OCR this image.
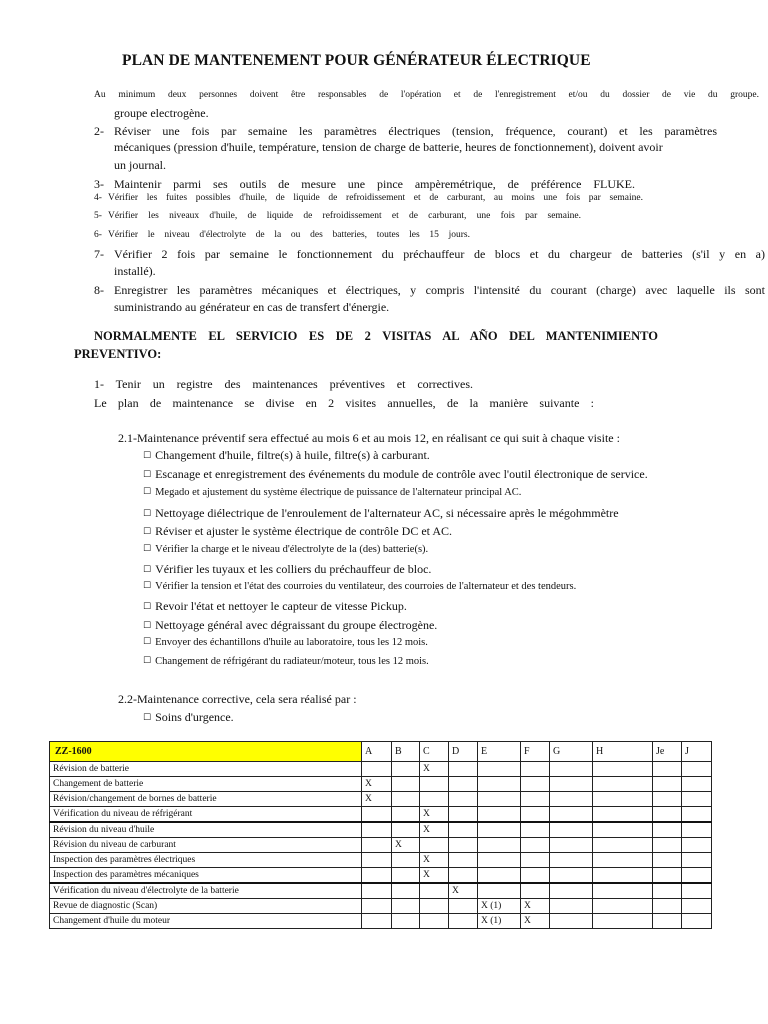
PLAN DE MANTENEMENT POUR GÉNÉRATEUR ÉLECTRIQUE
Au minimum deux personnes doivent être responsables de l'opération et de l'enregistrement et/ou du dossier de vie du groupe.
groupe electrogène.
2- Réviser une fois par semaine les paramètres électriques (tension, fréquence, courant) et les paramètres
mécaniques (pression d'huile, température, tension de charge de batterie, heures de fonctionnement), doivent avoir
un journal.
3- Maintenir parmi ses outils de mesure une pince ampèremétrique, de préférence FLUKE.
4- Vérifier les fuites possibles d'huile, de liquide de refroidissement et de carburant, au moins une fois par semaine.
5- Vérifier les niveaux d'huile, de liquide de refroidissement et de carburant, une fois par semaine.
6- Vérifier le niveau d'électrolyte de la ou des batteries, toutes les 15 jours.
7- Vérifier 2 fois par semaine le fonctionnement du préchauffeur de blocs et du chargeur de batteries (s'il y en a)
installé).
8- Enregistrer les paramètres mécaniques et électriques, y compris l'intensité du courant (charge) avec laquelle ils sont
suministrando au générateur en cas de transfert d'énergie.
NORMALMENTE EL SERVICIO ES DE 2 VISITAS AL AÑO DEL MANTENIMIENTO
PREVENTIVO:
1- Tenir un registre des maintenances préventives et correctives.
Le plan de maintenance se divise en 2 visites annuelles, de la manière suivante :
2.1-Maintenance préventif sera effectué au mois 6 et au mois 12, en réalisant ce qui suit à chaque visite :
☐ Changement d'huile, filtre(s) à huile, filtre(s) à carburant.
☐ Escanage et enregistrement des événements du module de contrôle avec l'outil électronique de service.
☐ Megado et ajustement du système électrique de puissance de l'alternateur principal AC.
☐ Nettoyage diélectrique de l'enroulement de l'alternateur AC, si nécessaire après le mégohmmètre
☐ Réviser et ajuster le système électrique de contrôle DC et AC.
☐ Vérifier la charge et le niveau d'électrolyte de la (des) batterie(s).
☐ Vérifier les tuyaux et les colliers du préchauffeur de bloc.
☐ Vérifier la tension et l'état des courroies du ventilateur, des courroies de l'alternateur et des tendeurs.
☐ Revoir l'état et nettoyer le capteur de vitesse Pickup.
☐ Nettoyage général avec dégraissant du groupe électrogène.
☐ Envoyer des échantillons d'huile au laboratoire, tous les 12 mois.
☐ Changement de réfrigérant du radiateur/moteur, tous les 12 mois.
2.2-Maintenance corrective, cela sera réalisé par :
☐ Soins d'urgence.
ZZ-1600	A	B	C	D	E	F	G	H	Je	J
Révision de batterie			X							
Changement de batterie	X									
Révision/changement de bornes de batterie	X									
Vérification du niveau de réfrigérant			X							
Révision du niveau d'huile			X							
Révision du niveau de carburant		X								
Inspection des paramètres électriques			X							
Inspection des paramètres mécaniques			X							
Vérification du niveau d'électrolyte de la batterie				X						
Revue de diagnostic (Scan)					X (1)	X				
Changement d'huile du moteur					X (1)	X				
